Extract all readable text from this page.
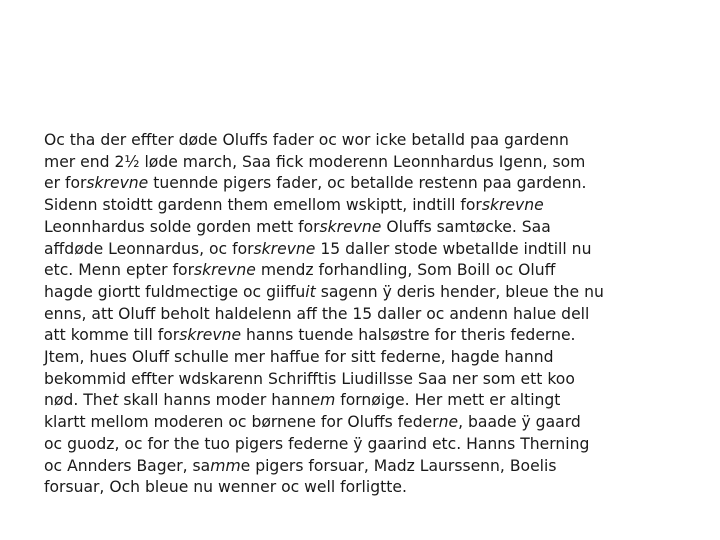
Oc tha der effter døde Oluffs fader oc wor icke betalld paa gardenn
mer end 2½ løde march, Saa fick moderenn Leonnhardus Igenn, som
er forskrevne tuennde pigers fader, oc betallde restenn paa gardenn.
Sidenn stoidtt gardenn them emellom wskiptt, indtill forskrevne
Leonnhardus solde gorden mett forskrevne Oluffs samtøcke. Saa
affdøde Leonnardus, oc forskrevne 15 daller stode wbetallde indtill nu
etc. Menn epter forskrevne mendz forhandling, Som Boill oc Oluff
hagde giortt fuldmectige oc giiffuit sagenn ÿ deris hender, bleue the nu
enns, att Oluff beholt haldelenn aff the 15 daller oc andenn halue dell
att komme till forskrevne hanns tuende halsøstre for theris federne.
Jtem, hues Oluff schulle mer haffue for sitt federne, hagde hannd
bekommid effter wdskarenn Schrifftis Liudillsse Saa ner som ett koo
nød. Thet skall hanns moder hannem fornøige. Her mett er altingt
klartt mellom moderen oc børnene for Oluffs federne, baade ÿ gaard
oc guodz, oc for the tuo pigers federne ÿ gaarind etc. Hanns Therning
oc Annders Bager, samme pigers forsuar, Madz Laurssenn, Boelis
forsuar, Och bleue nu wenner oc well forligtte.
